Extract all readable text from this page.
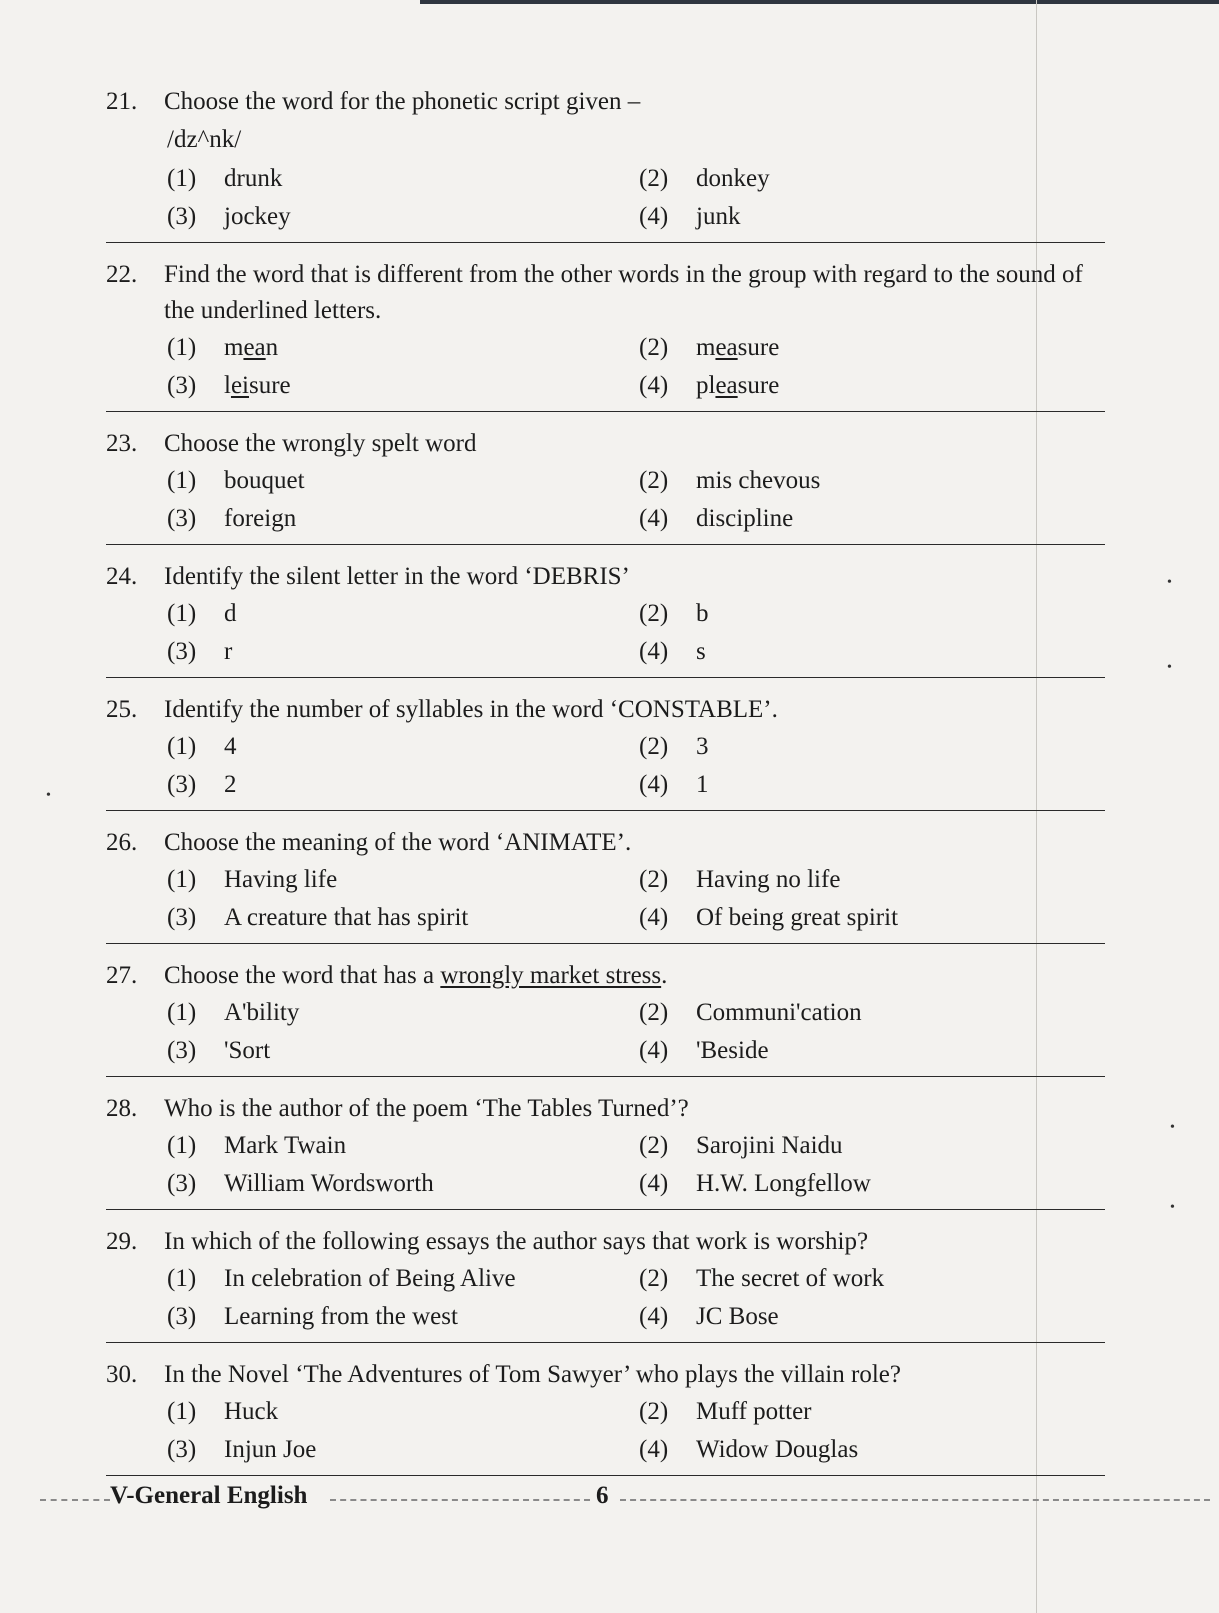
21.	Choose the word for the phonetic script given –
/dz^nk/
(1)	drunk	(2)	donkey
(3)	jockey	(4)	junk
22.	Find the word that is different from the other words in the group with regard to the sound of the underlined letters.
(1)	mean	(2)	measure
(3)	leisure	(4)	pleasure
23.	Choose the wrongly spelt word
(1)	bouquet	(2)	mis chevous
(3)	foreign	(4)	discipline
24.	Identify the silent letter in the word ‘DEBRIS’
(1)	d	(2)	b
(3)	r	(4)	s
25.	Identify the number of syllables in the word ‘CONSTABLE’.
(1)	4	(2)	3
(3)	2	(4)	1
26.	Choose the meaning of the word ‘ANIMATE’.
(1)	Having life	(2)	Having no life
(3)	A creature that has spirit	(4)	Of being great spirit
27.	Choose the word that has a wrongly market stress.
(1)	A'bility	(2)	Communi'cation
(3)	'Sort	(4)	'Beside
28.	Who is the author of the poem ‘The Tables Turned’?
(1)	Mark Twain	(2)	Sarojini Naidu
(3)	William Wordsworth	(4)	H.W. Longfellow
29.	In which of the following essays the author says that work is worship?
(1)	In celebration of Being Alive	(2)	The secret of work
(3)	Learning from the west	(4)	JC Bose
30.	In the Novel ‘The Adventures of Tom Sawyer’ who plays the villain role?
(1)	Huck	(2)	Muff potter
(3)	Injun Joe	(4)	Widow Douglas
V-General English	6
•
•
•
•
•
